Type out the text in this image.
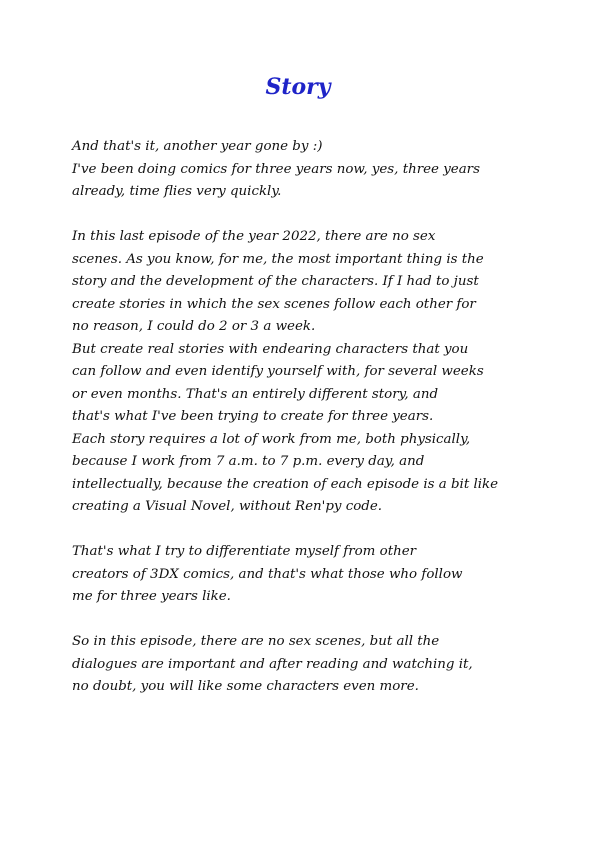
Story

And that's it, another year gone by :)
I've been doing comics for three years now, yes, three years
already, time flies very quickly.

In this last episode of the year 2022, there are no sex
scenes. As you know, for me, the most important thing is the
story and the development of the characters. If I had to just
create stories in which the sex scenes follow each other for
no reason, I could do 2 or 3 a week.
But create real stories with endearing characters that you
can follow and even identify yourself with, for several weeks
or even months. That's an entirely different story, and
that's what I've been trying to create for three years.
Each story requires a lot of work from me, both physically,
because I work from 7 a.m. to 7 p.m. every day, and
intellectually, because the creation of each episode is a bit like
creating a Visual Novel, without Ren'py code.

That's what I try to differentiate myself from other
creators of 3DX comics, and that's what those who follow
me for three years like.

So in this episode, there are no sex scenes, but all the
dialogues are important and after reading and watching it,
no doubt, you will like some characters even more.
